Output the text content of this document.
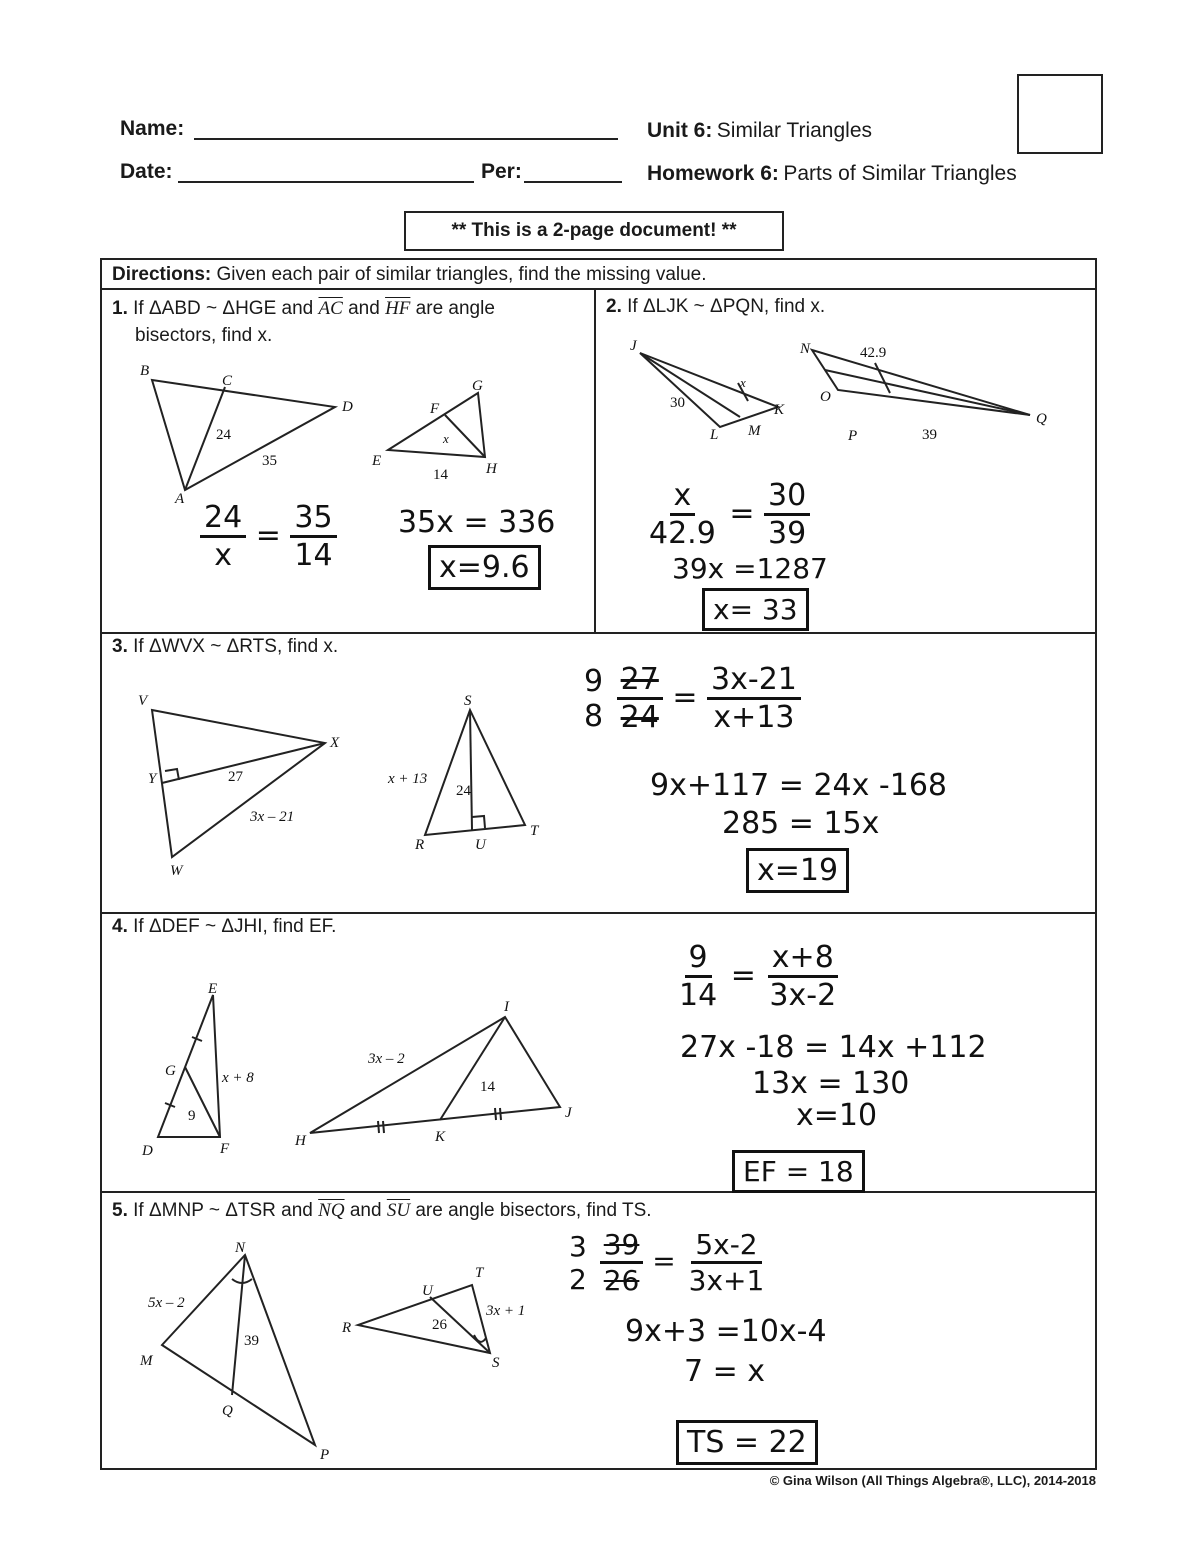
Name:
Date:	Per:
Unit 6: Similar Triangles
Homework 6: Parts of Similar Triangles
** This is a 2-page document! **
Directions: Given each pair of similar triangles, find the missing value.
1. If ΔABD ~ ΔHGE and $\overline{AC}$ and $\overline{HF}$ are angle
bisectors, find x.
B
C
D
A
24
35
G
F
E	H
x
14
$\frac{24}{x} = \frac{35}{14} 35x = 336$
x=9.6
2. If ΔLJK ~ ΔPQN, find x.
J
30
x
K
L M
N	42.9
O
Q
P	39
$\frac{x}{42.9} = \frac{30}{39}$
39x =1287
x= 33
3. If ΔWVX ~ ΔRTS, find x.
V
X
Y	27
3x – 21
W
S
x + 13
24
R	U
T
9
8
$\frac{27}{24} = \frac{3x-21}{x+13}$
9x+117 = 24x -168
285 = 15x
x=19
4. If ΔDEF ~ ΔJHI, find EF.
E
G	x + 8
9
D	F
I
3x – 2
14
H	K
J
$\frac{9}{14} = \frac{x+8}{3x-2}$
27x -18 = 14x +112
13x = 130
x=10
EF = 18
5. If ΔMNP ~ ΔTSR and $\overline{NQ}$ and $\overline{SU}$ are angle bisectors, find TS.
N
5x – 2
39
M
Q
P
T
U
3x + 1
R	26
S
3
2
$\frac{39}{26} = \frac{5x-2}{3x+1}$
9x+3 =10x-4
7 = x
TS = 22
© Gina Wilson (All Things Algebra®, LLC), 2014-2018
